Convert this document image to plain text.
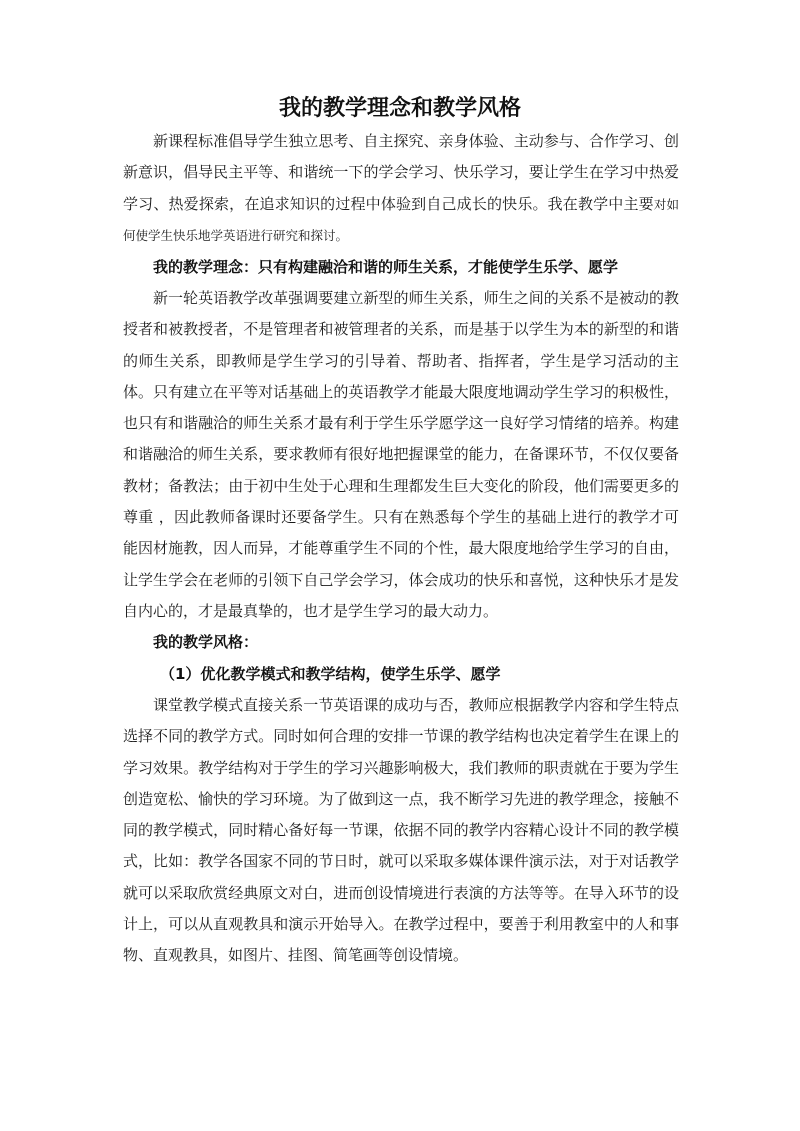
我的教学理念和教学风格

新课程标准倡导学生独立思考、自主探究、亲身体验、主动参与、合作学习、创新意识，倡导民主平等、和谐统一下的学会学习、快乐学习，要让学生在学习中热爱学习、热爱探索，在追求知识的过程中体验到自己成长的快乐。我在教学中主要对如何使学生快乐地学英语进行研究和探讨。

我的教学理念：只有构建融洽和谐的师生关系，才能使学生乐学、愿学

新一轮英语教学改革强调要建立新型的师生关系，师生之间的关系不是被动的教授者和被教授者，不是管理者和被管理者的关系，而是基于以学生为本的新型的和谐的师生关系，即教师是学生学习的引导着、帮助者、指挥者，学生是学习活动的主体。只有建立在平等对话基础上的英语教学才能最大限度地调动学生学习的积极性，也只有和谐融洽的师生关系才最有利于学生乐学愿学这一良好学习情绪的培养。构建和谐融洽的师生关系，要求教师有很好地把握课堂的能力，在备课环节，不仅仅要备教材；备教法；由于初中生处于心理和生理都发生巨大变化的阶段，他们需要更多的尊重 ，因此教师备课时还要备学生。只有在熟悉每个学生的基础上进行的教学才可能因材施教，因人而异，才能尊重学生不同的个性，最大限度地给学生学习的自由，让学生学会在老师的引领下自己学会学习，体会成功的快乐和喜悦，这种快乐才是发自内心的，才是最真挚的，也才是学生学习的最大动力。

我的教学风格：

（1）优化教学模式和教学结构，使学生乐学、愿学

课堂教学模式直接关系一节英语课的成功与否，教师应根据教学内容和学生特点选择不同的教学方式。同时如何合理的安排一节课的教学结构也决定着学生在课上的学习效果。教学结构对于学生的学习兴趣影响极大，我们教师的职责就在于要为学生创造宽松、愉快的学习环境。为了做到这一点，我不断学习先进的教学理念，接触不同的教学模式，同时精心备好每一节课，依据不同的教学内容精心设计不同的教学模式，比如：教学各国家不同的节日时，就可以采取多媒体课件演示法，对于对话教学就可以采取欣赏经典原文对白，进而创设情境进行表演的方法等等。在导入环节的设计上，可以从直观教具和演示开始导入。在教学过程中，要善于利用教室中的人和事物、直观教具，如图片、挂图、简笔画等创设情境。
